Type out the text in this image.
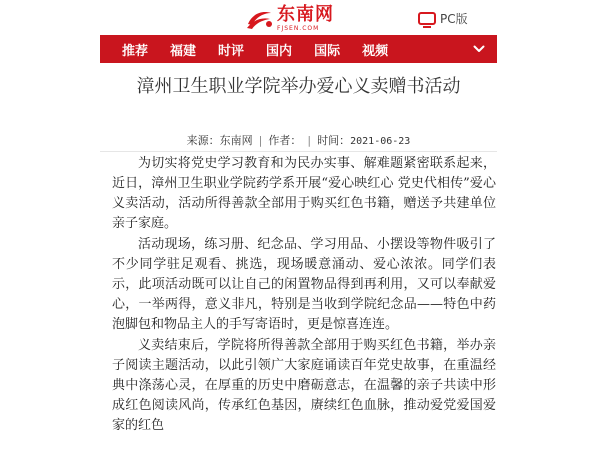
东南网
FJSEN.COM
PC版
推荐 福建 时评 国内 国际 视频
漳州卫生职业学院举办爱心义卖赠书活动
来源：东南网 | 作者： | 时间：2021-06-23

为切实将党史学习教育和为民办实事、解难题紧密联系起来，近日，漳州卫生职业学院药学系开展“爱心映红心 党史代相传”爱心义卖活动，活动所得善款全部用于购买红色书籍，赠送予共建单位亲子家庭。

活动现场，练习册、纪念品、学习用品、小摆设等物件吸引了不少同学驻足观看、挑选，现场暖意涌动、爱心浓浓。同学们表示，此项活动既可以让自己的闲置物品得到再利用，又可以奉献爱心，一举两得，意义非凡，特别是当收到学院纪念品——特色中药泡脚包和物品主人的手写寄语时，更是惊喜连连。

义卖结束后，学院将所得善款全部用于购买红色书籍，举办亲子阅读主题活动，以此引领广大家庭诵读百年党史故事，在重温经典中涤荡心灵，在厚重的历史中磨砺意志，在温馨的亲子共读中形成红色阅读风尚，传承红色基因，赓续红色血脉，推动爱党爱国爱家的红色
